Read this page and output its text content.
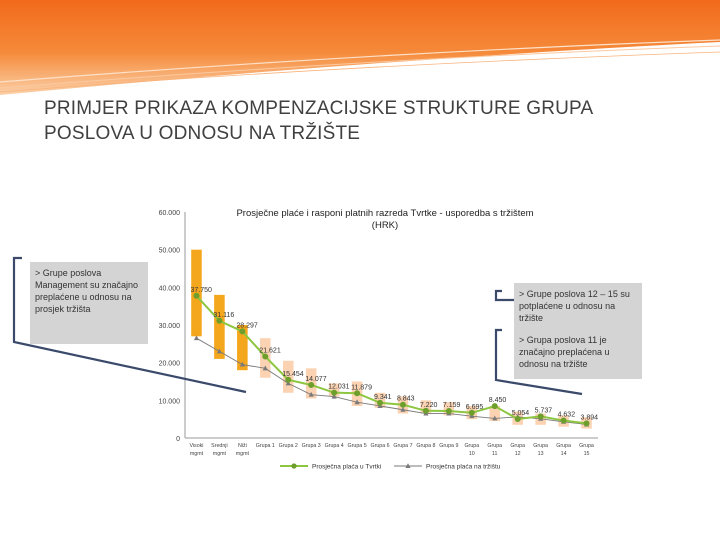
PRIMJER PRIKAZA KOMPENZACIJSKE STRUKTURE GRUPA
POSLOVA U ODNOSU NA TRŽIŠTE
0
10.000
20.000
30.000
40.000
50.000
60.000	Prosječne plaće i rasponi platnih razreda Tvrtke - usporedba s tržištem
(HRK)
37.750
31.116
28.297
21.621
15.454
14.077
12.031 11.879
9.341 8.843
7.220 7.159 6.695
8.450
5.054 5.737
4.632 3.894
Visoki
mgmt
Srednji
mgmt
Niži
mgmt
Grupa 1 Grupa 2 Grupa 3 Grupa 4 Grupa 5 Grupa 6 Grupa 7 Grupa 8 Grupa 9 Grupa
10
Grupa
11
Grupa
12
Grupa
13
Grupa
14
Grupa
15
Prosječna plaća u Tvrtki	Prosječna plaća na tržištu

> Grupe poslova Management su značajno preplaćene u odnosu na prosjek tržišta

> Grupe poslova 12 – 15 su potplaćene u odnosu na tržište

> Grupa poslova 11 je značajno preplaćena u odnosu na tržište
